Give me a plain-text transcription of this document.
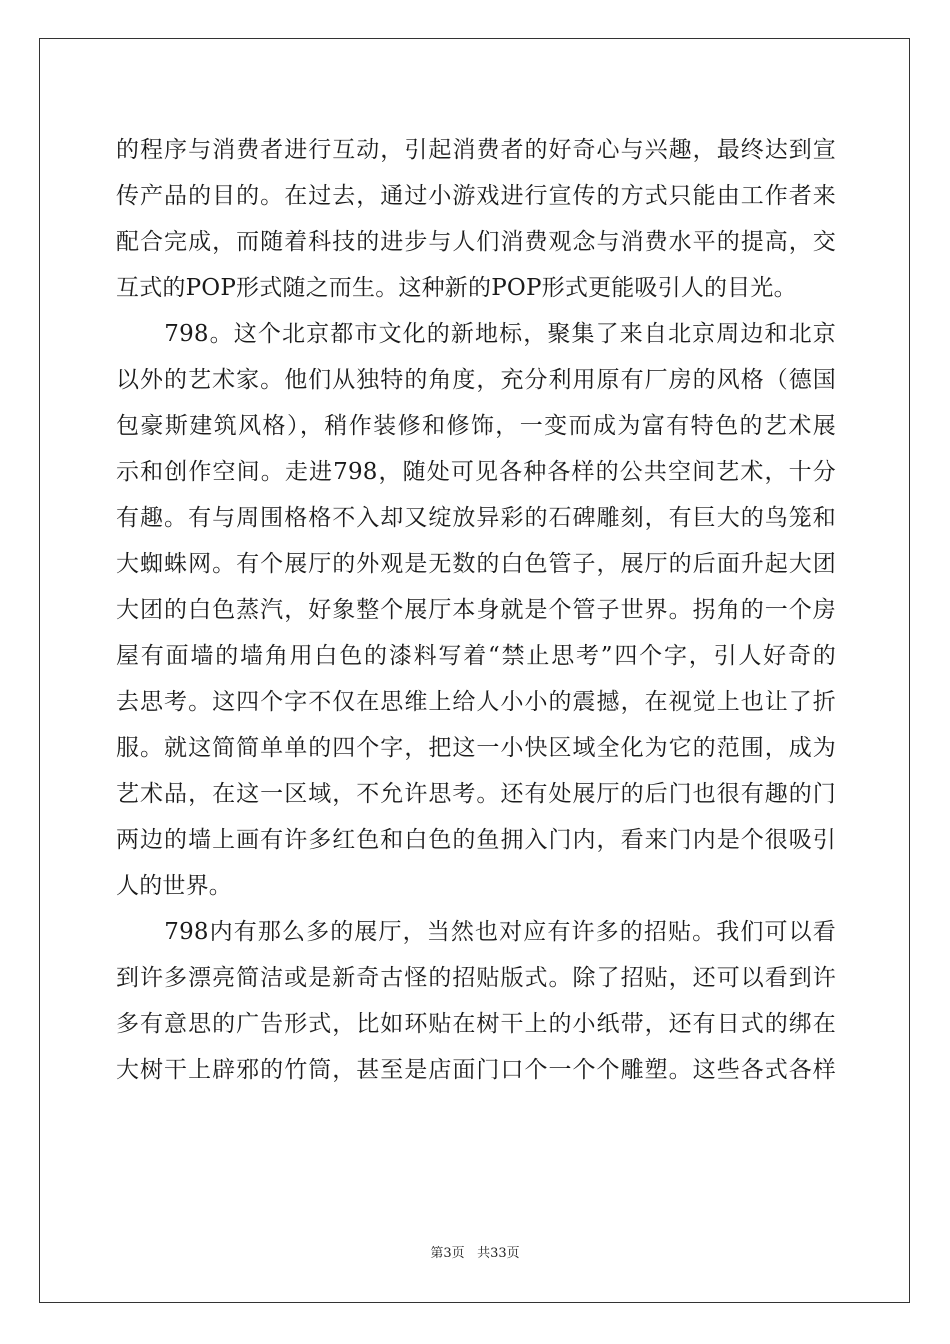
的程序与消费者进行互动，引起消费者的好奇心与兴趣，最终达到宣
传产品的目的。在过去，通过小游戏进行宣传的方式只能由工作者来
配合完成，而随着科技的进步与人们消费观念与消费水平的提高，交
互式的POP形式随之而生。这种新的POP形式更能吸引人的目光。
　　798。这个北京都市文化的新地标，聚集了来自北京周边和北京
以外的艺术家。他们从独特的角度，充分利用原有厂房的风格（德国
包豪斯建筑风格），稍作装修和修饰，一变而成为富有特色的艺术展
示和创作空间。走进798，随处可见各种各样的公共空间艺术，十分
有趣。有与周围格格不入却又绽放异彩的石碑雕刻，有巨大的鸟笼和
大蜘蛛网。有个展厅的外观是无数的白色管子，展厅的后面升起大团
大团的白色蒸汽，好象整个展厅本身就是个管子世界。拐角的一个房
屋有面墙的墙角用白色的漆料写着“禁止思考”四个字，引人好奇的
去思考。这四个字不仅在思维上给人小小的震撼，在视觉上也让了折
服。就这简简单单的四个字，把这一小快区域全化为它的范围，成为
艺术品，在这一区域，不允许思考。还有处展厅的后门也很有趣的门
两边的墙上画有许多红色和白色的鱼拥入门内，看来门内是个很吸引
人的世界。
　　798内有那么多的展厅，当然也对应有许多的招贴。我们可以看
到许多漂亮简洁或是新奇古怪的招贴版式。除了招贴，还可以看到许
多有意思的广告形式，比如环贴在树干上的小纸带，还有日式的绑在
大树干上辟邪的竹筒，甚至是店面门口个一个个雕塑。这些各式各样
第3页 共33页
